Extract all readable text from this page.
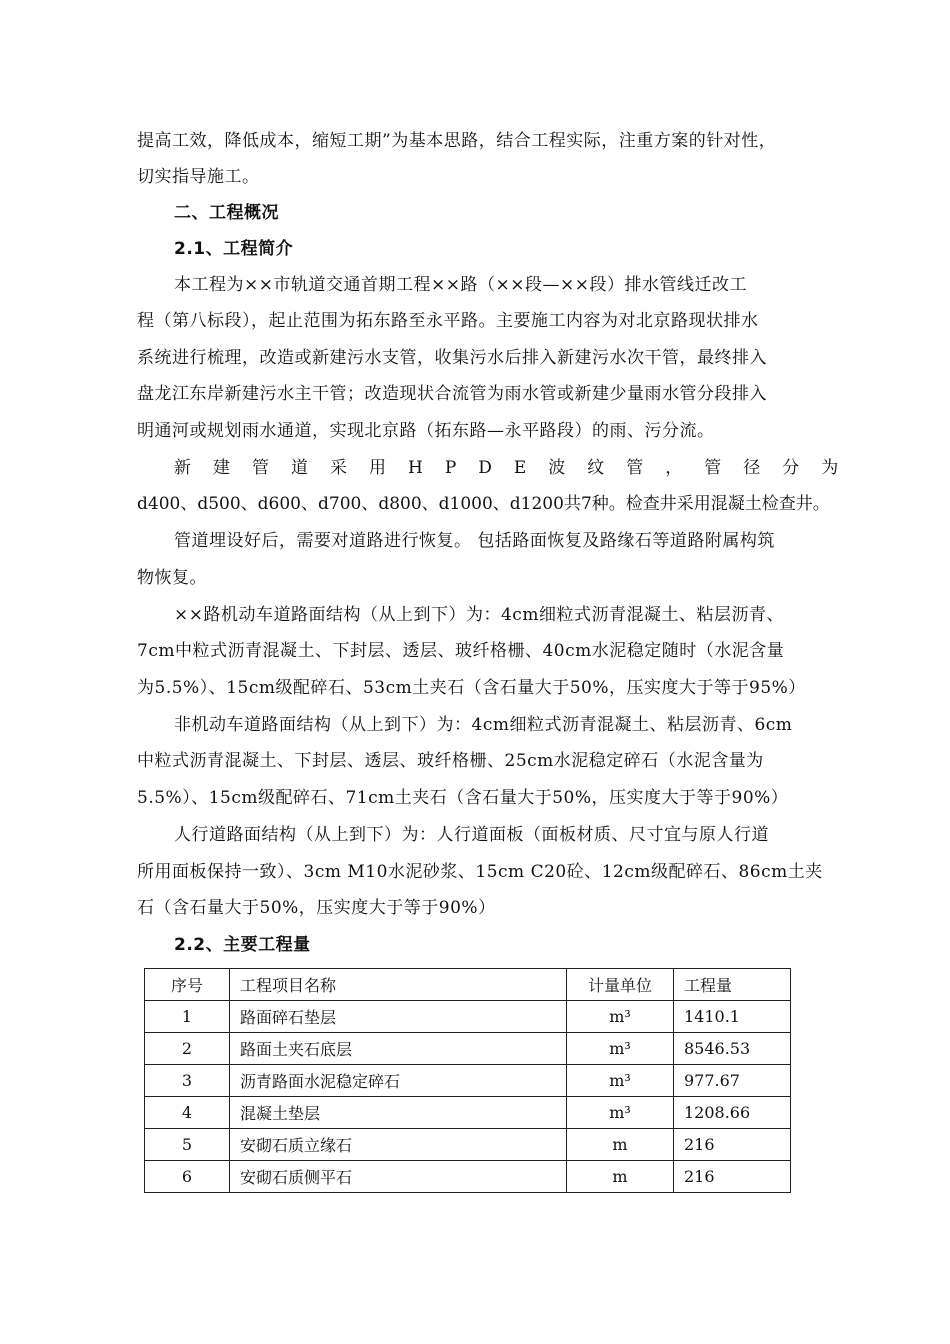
提高工效，降低成本，缩短工期”为基本思路，结合工程实际，注重方案的针对性，
切实指导施工。
二、工程概况
2.1、工程简介
本工程为××市轨道交通首期工程××路（××段—××段）排水管线迁改工
程（第八标段），起止范围为拓东路至永平路。主要施工内容为对北京路现状排水
系统进行梳理，改造或新建污水支管，收集污水后排入新建污水次干管，最终排入
盘龙江东岸新建污水主干管；改造现状合流管为雨水管或新建少量雨水管分段排入
明通河或规划雨水通道，实现北京路（拓东路—永平路段）的雨、污分流。
新建管道采用HPDE波纹管，管径分为
d400、d500、d600、d700、d800、d1000、d1200共7种。检查井采用混凝土检查井。
管道埋设好后，需要对道路进行恢复。 包括路面恢复及路缘石等道路附属构筑
物恢复。
××路机动车道路面结构（从上到下）为：4cm细粒式沥青混凝土、粘层沥青、
7cm中粒式沥青混凝土、下封层、透层、玻纤格栅、40cm水泥稳定随时（水泥含量
为5.5%）、15cm级配碎石、53cm土夹石（含石量大于50%，压实度大于等于95%）
非机动车道路面结构（从上到下）为：4cm细粒式沥青混凝土、粘层沥青、6cm
中粒式沥青混凝土、下封层、透层、玻纤格栅、25cm水泥稳定碎石（水泥含量为
5.5%）、15cm级配碎石、71cm土夹石（含石量大于50%，压实度大于等于90%）
人行道路面结构（从上到下）为：人行道面板（面板材质、尺寸宜与原人行道
所用面板保持一致）、3cm M10水泥砂浆、15cm C20砼、12cm级配碎石、86cm土夹
石（含石量大于50%，压实度大于等于90%）
2.2、主要工程量
序号	工程项目名称	计量单位	工程量
1	路面碎石垫层	m³	1410.1
2	路面土夹石底层	m³	8546.53
3	沥青路面水泥稳定碎石	m³	977.67
4	混凝土垫层	m³	1208.66
5	安砌石质立缘石	m	216
6	安砌石质侧平石	m	216
